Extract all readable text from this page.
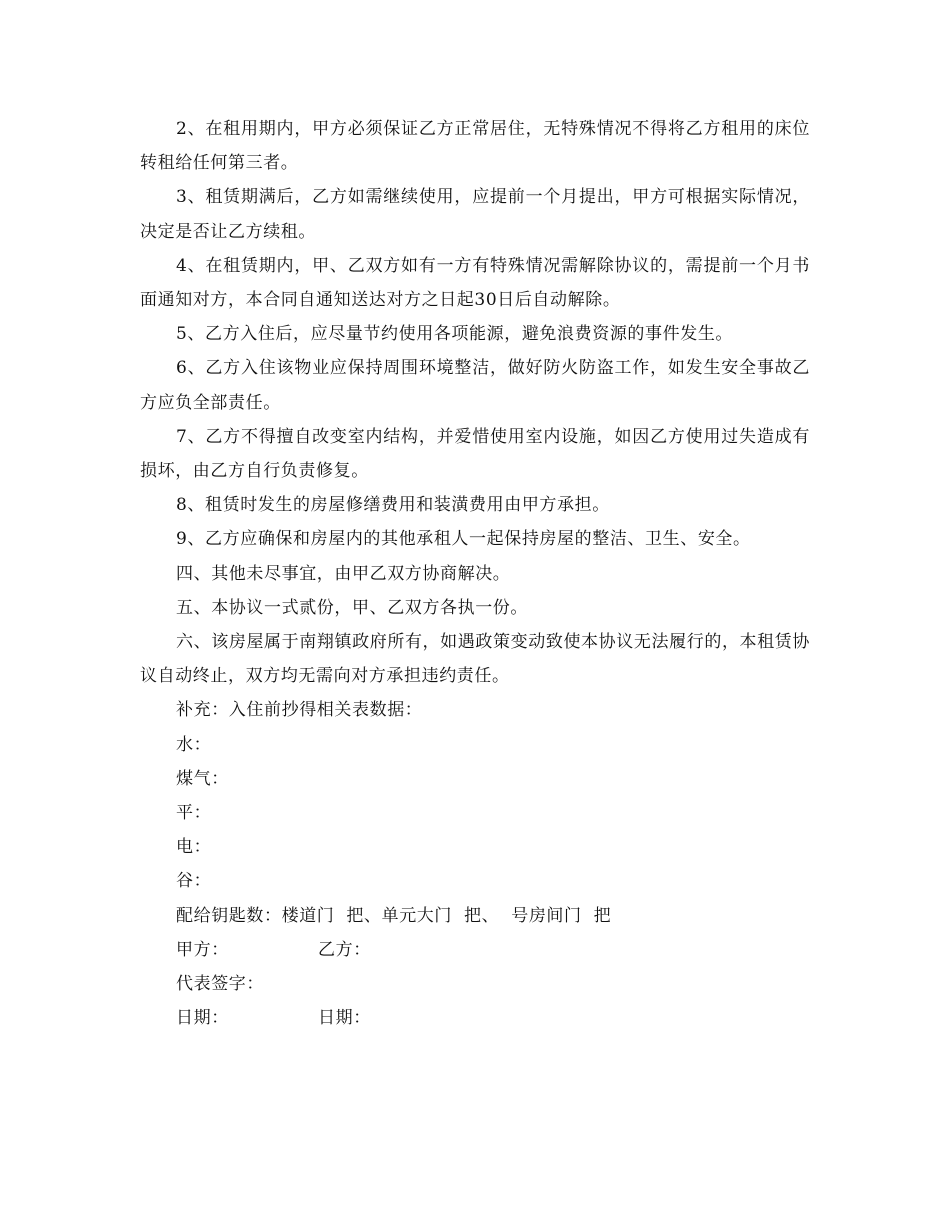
2、在租用期内，甲方必须保证乙方正常居住，无特殊情况不得将乙方租用的床位转租给任何第三者。

3、租赁期满后，乙方如需继续使用，应提前一个月提出，甲方可根据实际情况，决定是否让乙方续租。

4、在租赁期内，甲、乙双方如有一方有特殊情况需解除协议的，需提前一个月书面通知对方，本合同自通知送达对方之日起30日后自动解除。

5、乙方入住后，应尽量节约使用各项能源，避免浪费资源的事件发生。

6、乙方入住该物业应保持周围环境整洁，做好防火防盗工作，如发生安全事故乙方应负全部责任。

7、乙方不得擅自改变室内结构，并爱惜使用室内设施，如因乙方使用过失造成有损坏，由乙方自行负责修复。

8、租赁时发生的房屋修缮费用和装潢费用由甲方承担。

9、乙方应确保和房屋内的其他承租人一起保持房屋的整洁、卫生、安全。

四、其他未尽事宜，由甲乙双方协商解决。

五、本协议一式贰份，甲、乙双方各执一份。

六、该房屋属于南翔镇政府所有，如遇政策变动致使本协议无法履行的，本租赁协议自动终止，双方均无需向对方承担违约责任。

补充：入住前抄得相关表数据：

水：

煤气：

平：

电：

谷：

配给钥匙数：楼道门  把、单元大门  把、  号房间门  把

甲方：	乙方：

代表签字：

日期：	日期：
